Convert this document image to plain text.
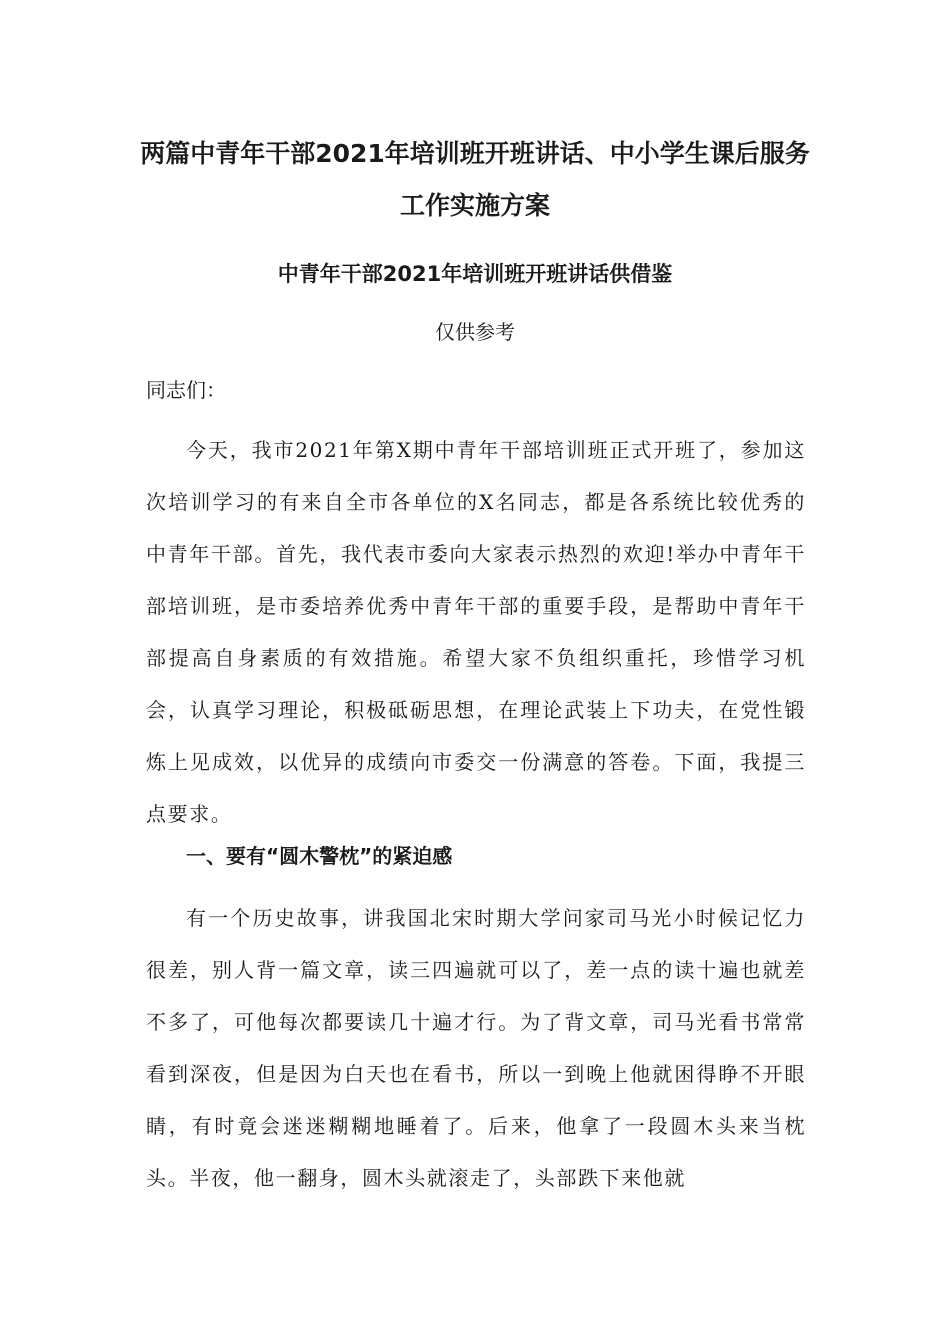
两篇中青年干部2021年培训班开班讲话、中小学生课后服务工作实施方案
中青年干部2021年培训班开班讲话供借鉴
仅供参考
同志们：
今天，我市2021年第X期中青年干部培训班正式开班了，参加这次培训学习的有来自全市各单位的X名同志，都是各系统比较优秀的中青年干部。首先，我代表市委向大家表示热烈的欢迎!举办中青年干部培训班，是市委培养优秀中青年干部的重要手段，是帮助中青年干部提高自身素质的有效措施。希望大家不负组织重托，珍惜学习机会，认真学习理论，积极砥砺思想，在理论武装上下功夫，在党性锻炼上见成效，以优异的成绩向市委交一份满意的答卷。下面，我提三点要求。
一、要有“圆木警枕”的紧迫感
有一个历史故事，讲我国北宋时期大学问家司马光小时候记忆力很差，别人背一篇文章，读三四遍就可以了，差一点的读十遍也就差不多了，可他每次都要读几十遍才行。为了背文章，司马光看书常常看到深夜，但是因为白天也在看书，所以一到晚上他就困得睁不开眼睛，有时竟会迷迷糊糊地睡着了。后来，他拿了一段圆木头来当枕头。半夜，他一翻身，圆木头就滚走了，头部跌下来他就
